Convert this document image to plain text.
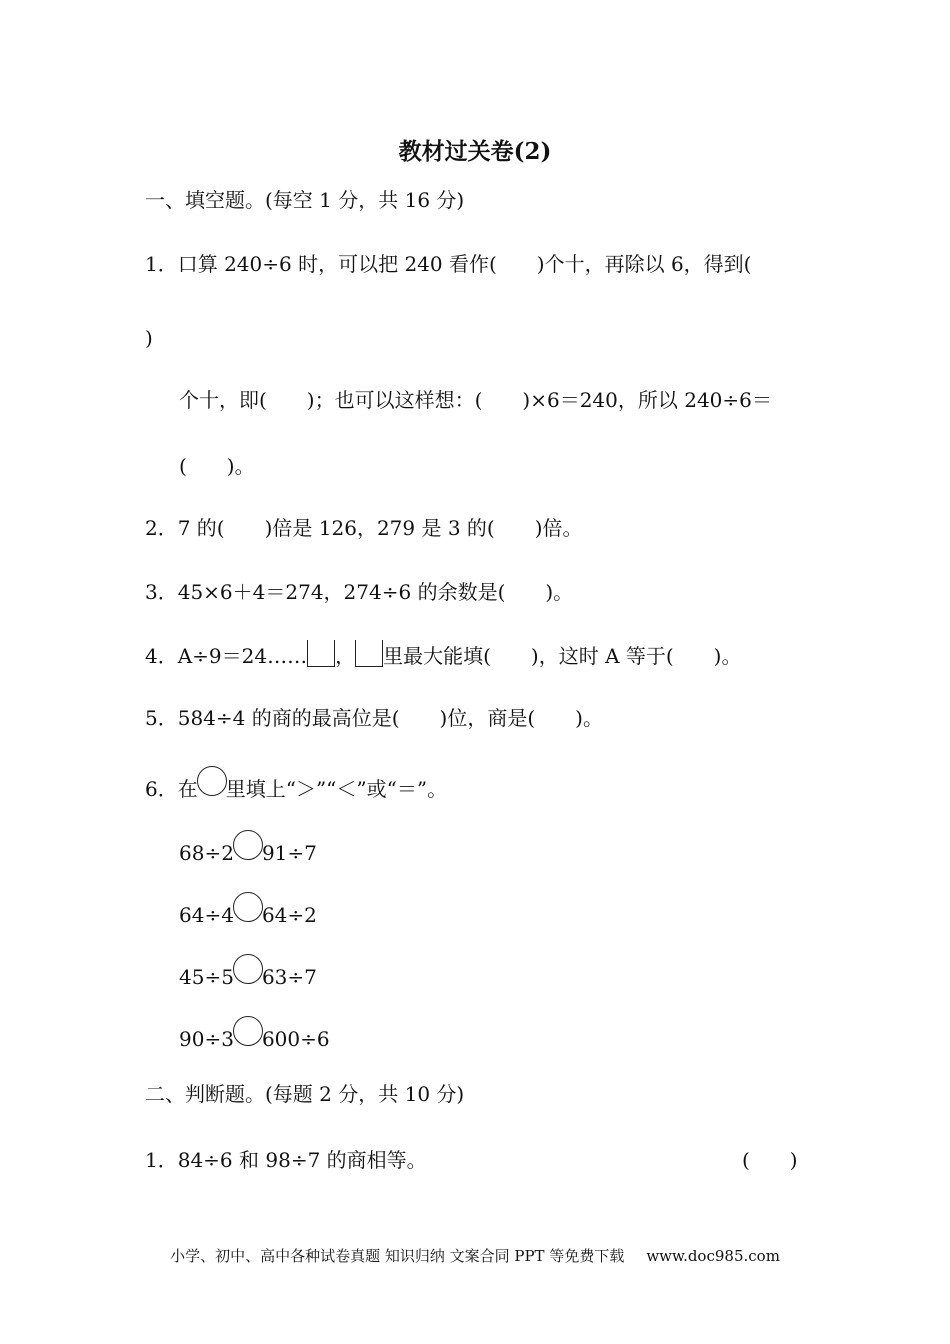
教材过关卷(2)
一、填空题。(每空 1 分，共 16 分)
1．口算 240÷6 时，可以把 240 看作(　　)个十，再除以 6，得到(
)
个十，即(　　)；也可以这样想：(　　)×6＝240，所以 240÷6＝
(　　)。
2．7 的(　　)倍是 126，279 是 3 的(　　)倍。
3．45×6＋4＝274，274÷6 的余数是(　　)。
4．A÷9＝24…… ， 里最大能填(　　)，这时 A 等于(　　)。
5．584÷4 的商的最高位是(　　)位，商是(　　)。
6．在 里填上“＞”“＜”或“＝”。
68÷2 91÷7
64÷4 64÷2
45÷5 63÷7
90÷3 600÷6
二、判断题。(每题 2 分，共 10 分)
1．84÷6 和 98÷7 的商相等。	(　　)
小学、初中、高中各种试卷真题 知识归纳 文案合同 PPT 等免费下载 www.doc985.com
